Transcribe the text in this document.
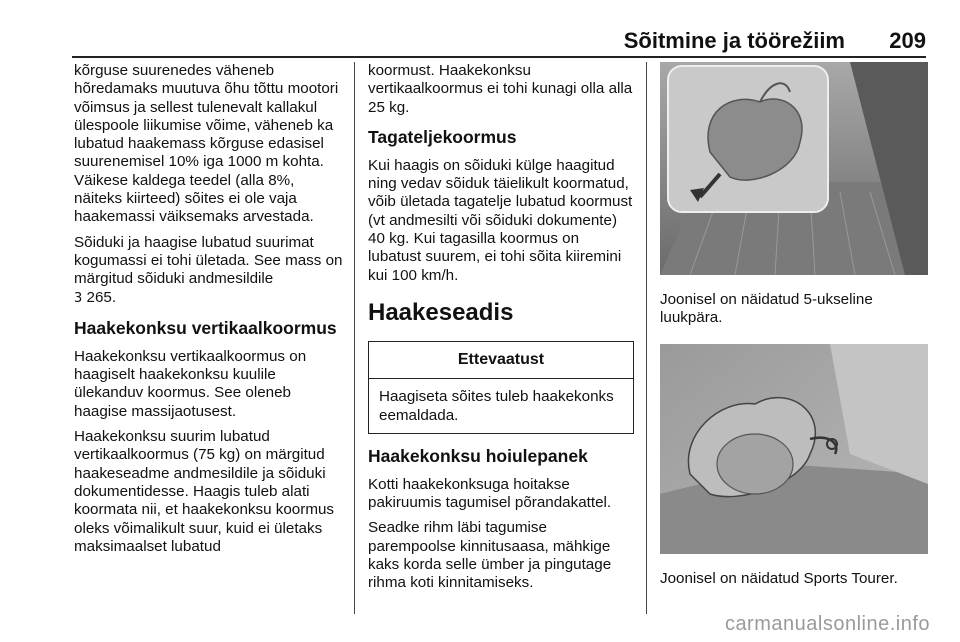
Sõitmine ja töörežiim 209

kõrguse suurenedes väheneb hõredamaks muutuva õhu tõttu mootori võimsus ja sellest tulenevalt kallakul ülespoole liikumise võime, väheneb ka lubatud haakemass kõrguse edasisel suurenemisel 10% iga 1000 m kohta. Väikese kaldega teedel (alla 8%, näiteks kiirteed) sõites ei ole vaja haakemassi väiksemaks arvestada.

Sõiduki ja haagise lubatud suurimat kogumassi ei tohi ületada. See mass on märgitud sõiduki andmesildile
3 265.

Haakekonksu vertikaalkoormus

Haakekonksu vertikaalkoormus on haagiselt haakekonksu kuulile ülekanduv koormus. See oleneb haagise massijaotusest.

Haakekonksu suurim lubatud vertikaalkoormus (75 kg) on märgitud haakeseadme andmesildile ja sõiduki dokumentidesse. Haagis tuleb alati koormata nii, et haakekonksu koormus oleks võimalikult suur, kuid ei ületaks maksimaalset lubatud

koormust. Haakekonksu vertikaalkoormus ei tohi kunagi olla alla 25 kg.

Tagateljekoormus

Kui haagis on sõiduki külge haagitud ning vedav sõiduk täielikult koormatud, võib ületada tagatelje lubatud koormust (vt andmesilti või sõiduki dokumente) 40 kg. Kui tagasilla koormus on lubatust suurem, ei tohi sõita kiiremini kui 100 km/h.

Haakeseadis
Ettevaatust
Haagiseta sõites tuleb haakekonks eemaldada.
Haakekonksu hoiulepanek

Kotti haakekonksuga hoitakse pakiruumis tagumisel põrandakattel.

Seadke rihm läbi tagumise parempoolse kinnitusaasa, mähkige kaks korda selle ümber ja pingutage rihma koti kinnitamiseks.

Joonisel on näidatud 5-ukseline luukpära.

Joonisel on näidatud Sports Tourer.

carmanualsonline.info
